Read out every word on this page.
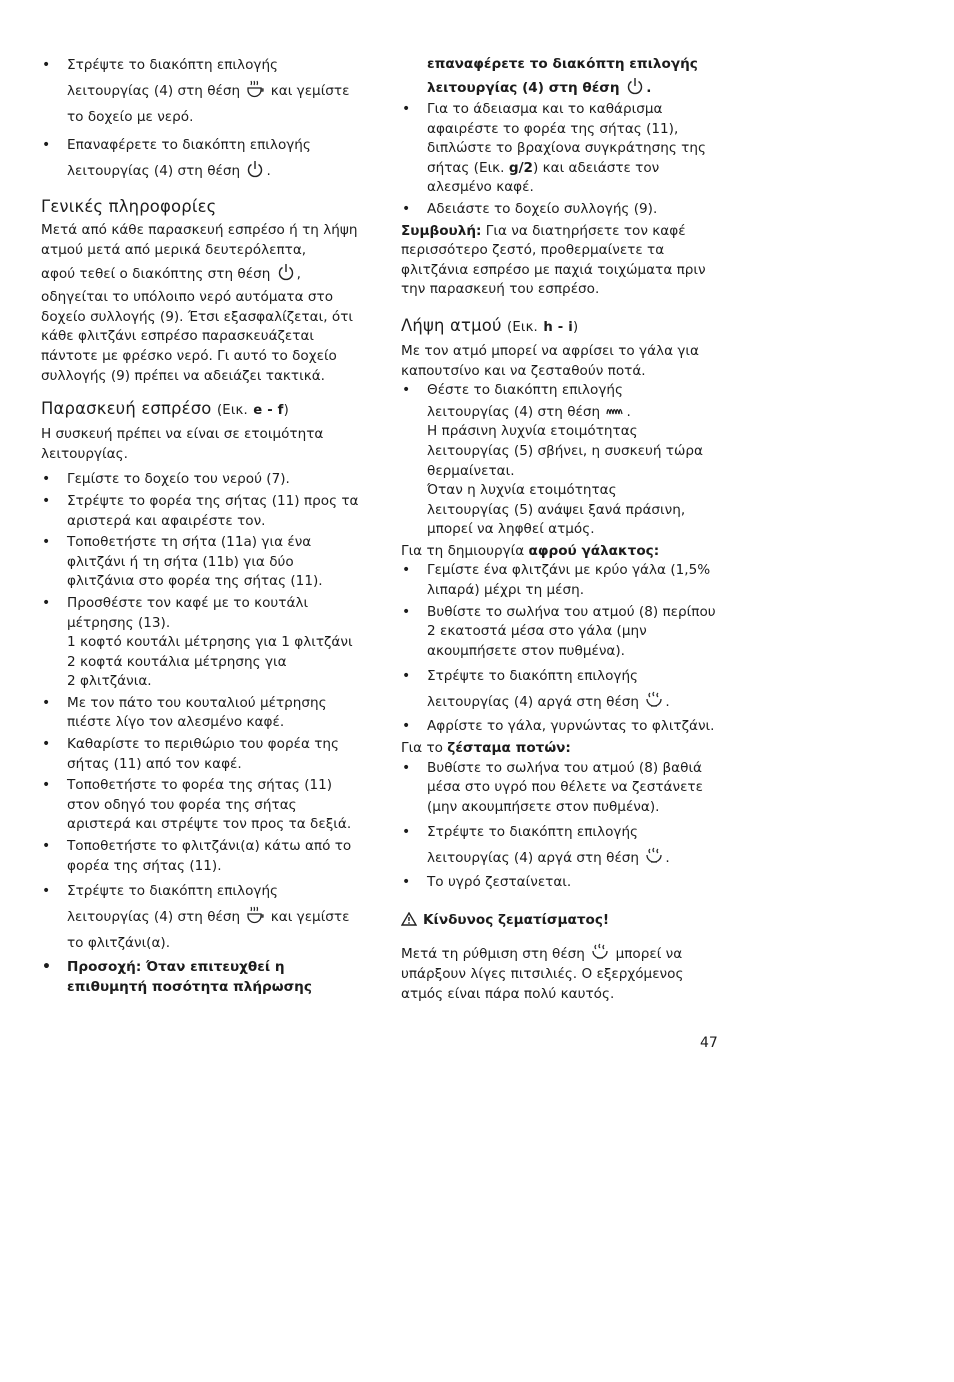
• Στρέψτε το διακόπτη επιλογής
λειτουργίας (4) στη θέση και γεμίστε
το δοχείο με νερό.
• Επαναφέρετε το διακόπτη επιλογής
λειτουργίας (4) στη θέση .
Γενικές πληροφορίες

Μετά από κάθε παρασκευή εσπρέσο ή τη λήψη ατμού μετά από μερικά δευτερόλεπτα,
αφού τεθεί ο διακόπτης στη θέση , οδηγείται το υπόλοιπο νερό αυτόματα στο δοχείο συλλογής (9). Έτσι εξασφαλίζεται, ότι κάθε φλιτζάνι εσπρέσο παρασκευάζεται πάντοτε με φρέσκο νερό. Γι αυτό το δοχείο συλλογής (9) πρέπει να αδειάζει τακτικά.

Παρασκευή εσπρέσο (Εικ. e - f)

Η συσκευή πρέπει να είναι σε ετοιμότητα λειτουργίας.

• Γεμίστε το δοχείο του νερού (7).
• Στρέψτε το φορέα της σήτας (11) προς τα αριστερά και αφαιρέστε τον.
• Τοποθετήστε τη σήτα (11a) για ένα φλιτζάνι ή τη σήτα (11b) για δύο φλιτζάνια στο φορέα της σήτας (11).
• Προσθέστε τον καφέ με το κουτάλι μέτρησης (13).
1 κοφτό κουτάλι μέτρησης για 1 φλιτζάνι
2 κοφτά κουτάλια μέτρησης για
2 φλιτζάνια.
• Με τον πάτο του κουταλιού μέτρησης πιέστε λίγο τον αλεσμένο καφέ.
• Καθαρίστε το περιθώριο του φορέα της σήτας (11) από τον καφέ.
• Τοποθετήστε το φορέα της σήτας (11) στον οδηγό του φορέα της σήτας αριστερά και στρέψτε τον προς τα δεξιά.
• Τοποθετήστε το φλιτζάνι(α) κάτω από το φορέα της σήτας (11).
• Στρέψτε το διακόπτη επιλογής
λειτουργίας (4) στη θέση και γεμίστε
το φλιτζάνι(α).
• Προσοχή: Όταν επιτευχθεί η επιθυμητή ποσότητα πλήρωσης

επαναφέρετε το διακόπτη επιλογής
λειτουργίας (4) στη θέση .

• Για το άδειασμα και το καθάρισμα αφαιρέστε το φορέα της σήτας (11), διπλώστε το βραχίονα συγκράτησης της σήτας (Εικ. g/2) και αδειάστε τον αλεσμένο καφέ.
• Αδειάστε το δοχείο συλλογής (9).

Συμβουλή: Για να διατηρήσετε τον καφέ περισσότερο ζεστό, προθερμαίνετε τα φλιτζάνια εσπρέσο με παχιά τοιχώματα πριν την παρασκευή του εσπρέσο.

Λήψη ατμού (Εικ. h - i)

Με τον ατμό μπορεί να αφρίσει το γάλα για καπουτσίνο και να ζεσταθούν ποτά.

• Θέστε το διακόπτη επιλογής
λειτουργίας (4) στη θέση .
Η πράσινη λυχνία ετοιμότητας
λειτουργίας (5) σβήνει, η συσκευή τώρα
θερμαίνεται.
Όταν η λυχνία ετοιμότητας
λειτουργίας (5) ανάψει ξανά πράσινη,
μπορεί να ληφθεί ατμός.

Για τη δημιουργία αφρού γάλακτος:

• Γεμίστε ένα φλιτζάνι με κρύο γάλα (1,5% λιπαρά) μέχρι τη μέση.
• Βυθίστε το σωλήνα του ατμού (8) περίπου 2 εκατοστά μέσα στο γάλα (μην ακουμπήσετε στον πυθμένα).
• Στρέψτε το διακόπτη επιλογής
λειτουργίας (4) αργά στη θέση .
• Αφρίστε το γάλα, γυρνώντας το φλιτζάνι.

Για το ζέσταμα ποτών:

• Βυθίστε το σωλήνα του ατμού (8) βαθιά μέσα στο υγρό που θέλετε να ζεστάνετε (μην ακουμπήσετε στον πυθμένα).
• Στρέψτε το διακόπτη επιλογής
λειτουργίας (4) αργά στη θέση .
• Το υγρό ζεσταίνεται.
Κίνδυνος ζεματίσματος!

Μετά τη ρύθμιση στη θέση μπορεί να υπάρξουν λίγες πιτσιλιές. Ο εξερχόμενος ατμός είναι πάρα πολύ καυτός.

47
